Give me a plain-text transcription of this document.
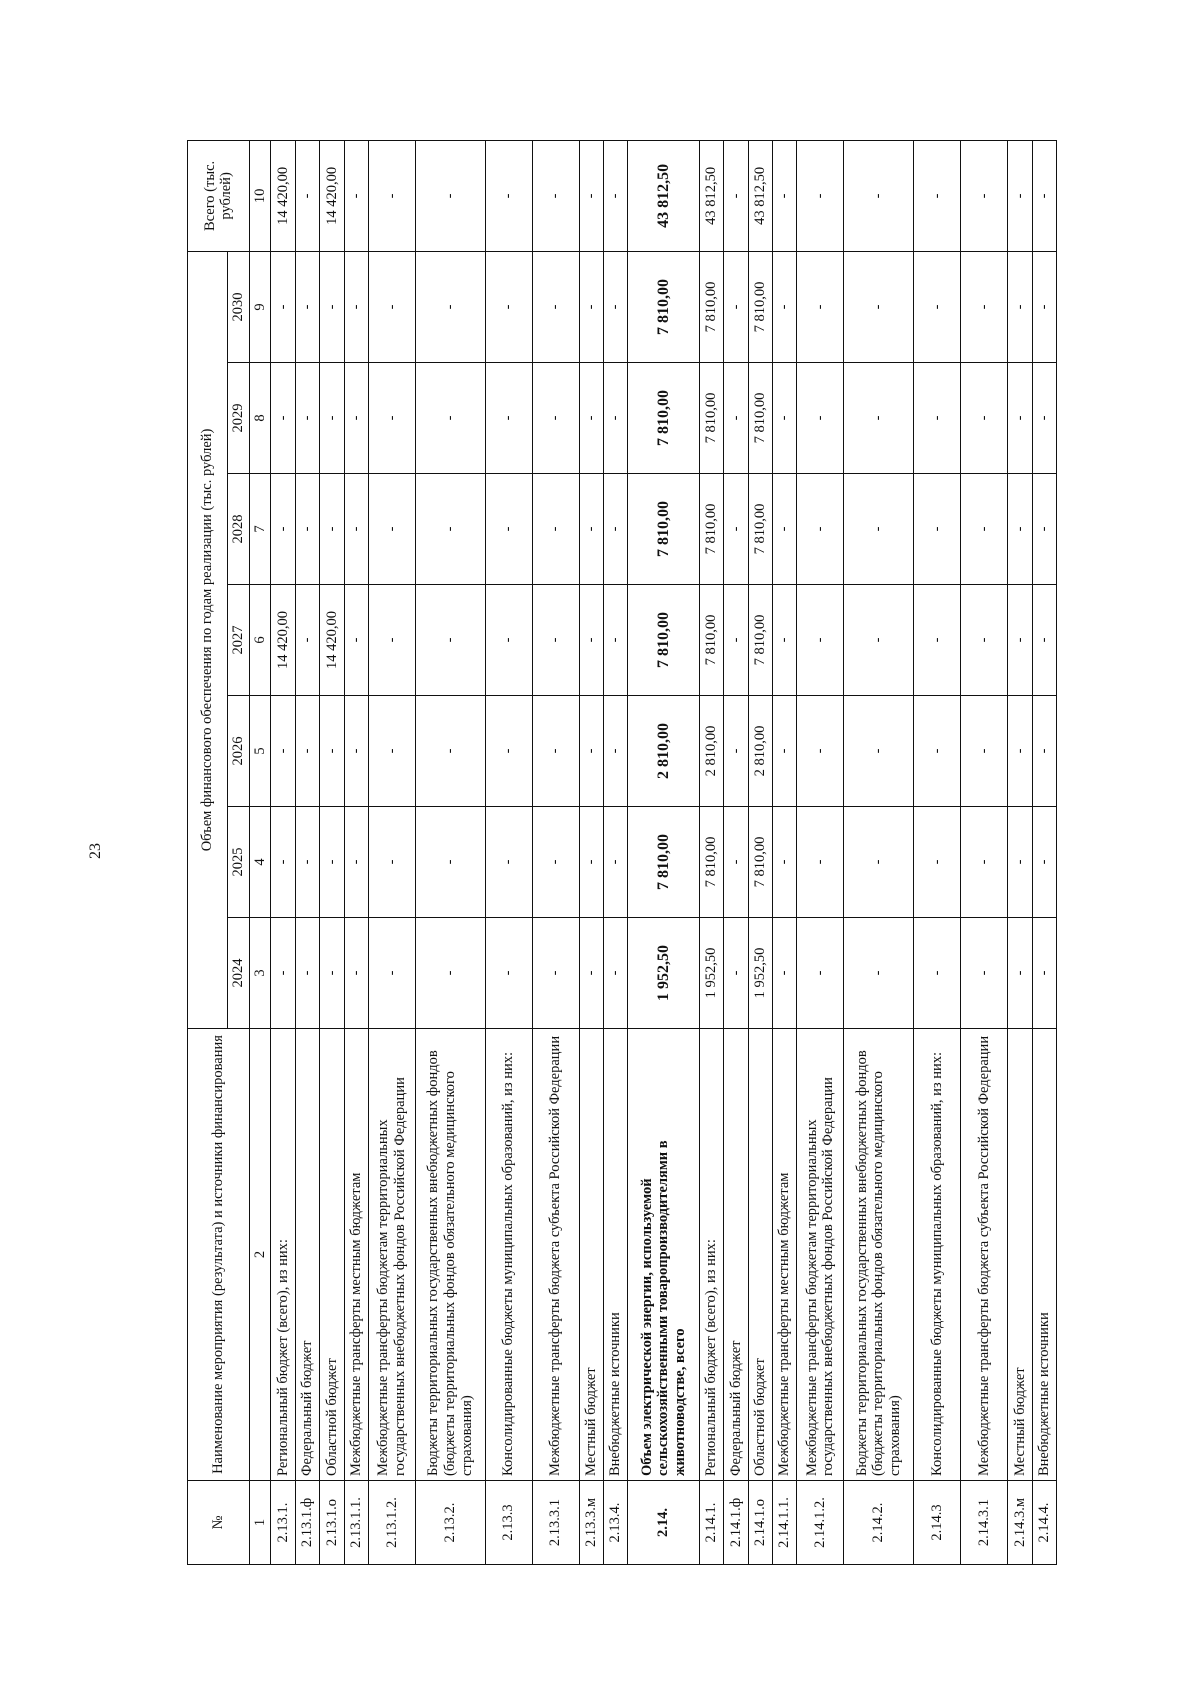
23
№	Наименование мероприятия (результата) и источники финансирования	Объем финансового обеспечения по годам реализации (тыс. рублей)							Всего (тыс. рублей)
		2024	2025	2026	2027	2028	2029	2030	
1	2	3	4	5	6	7	8	9	10
2.13.1.	Региональный бюджет (всего), из них:	-	-	-	14 420,00	-	-	-	14 420,00
2.13.1.ф	Федеральный бюджет	-	-	-	-	-	-	-	-
2.13.1.о	Областной бюджет	-	-	-	14 420,00	-	-	-	14 420,00
2.13.1.1.	Межбюджетные трансферты местным бюджетам	-	-	-	-	-	-	-	-
2.13.1.2.	Межбюджетные трансферты бюджетам территориальных государственных внебюджетных фондов Российской Федерации	-	-	-	-	-	-	-	-
2.13.2.	Бюджеты территориальных государственных внебюджетных фондов (бюджеты территориальных фондов обязательного медицинского страхования)	-	-	-	-	-	-	-	-
2.13.3	Консолидированные бюджеты муниципальных образований, из них:	-	-	-	-	-	-	-	-
2.13.3.1	Межбюджетные трансферты бюджета субъекта Российской Федерации	-	-	-	-	-	-	-	-
2.13.3.м	Местный бюджет	-	-	-	-	-	-	-	-
2.13.4.	Внебюджетные источники	-	-	-	-	-	-	-	-
2.14.	Объем электрической энергии, используемой сельскохозяйственными товаропроизводителями в животноводстве, всего	1 952,50	7 810,00	2 810,00	7 810,00	7 810,00	7 810,00	7 810,00	43 812,50
2.14.1.	Региональный бюджет (всего), из них:	1 952,50	7 810,00	2 810,00	7 810,00	7 810,00	7 810,00	7 810,00	43 812,50
2.14.1.ф	Федеральный бюджет	-	-	-	-	-	-	-	-
2.14.1.о	Областной бюджет	1 952,50	7 810,00	2 810,00	7 810,00	7 810,00	7 810,00	7 810,00	43 812,50
2.14.1.1.	Межбюджетные трансферты местным бюджетам	-	-	-	-	-	-	-	-
2.14.1.2.	Межбюджетные трансферты бюджетам территориальных государственных внебюджетных фондов Российской Федерации	-	-	-	-	-	-	-	-
2.14.2.	Бюджеты территориальных государственных внебюджетных фондов (бюджеты территориальных фондов обязательного медицинского страхования)	-	-	-	-	-	-	-	-
2.14.3	Консолидированные бюджеты муниципальных образований, из них:	-	-	-	-	-	-	-	-
2.14.3.1	Межбюджетные трансферты бюджета субъекта Российской Федерации	-	-	-	-	-	-	-	-
2.14.3.м	Местный бюджет	-	-	-	-	-	-	-	-
2.14.4.	Внебюджетные источники	-	-	-	-	-	-	-	-
